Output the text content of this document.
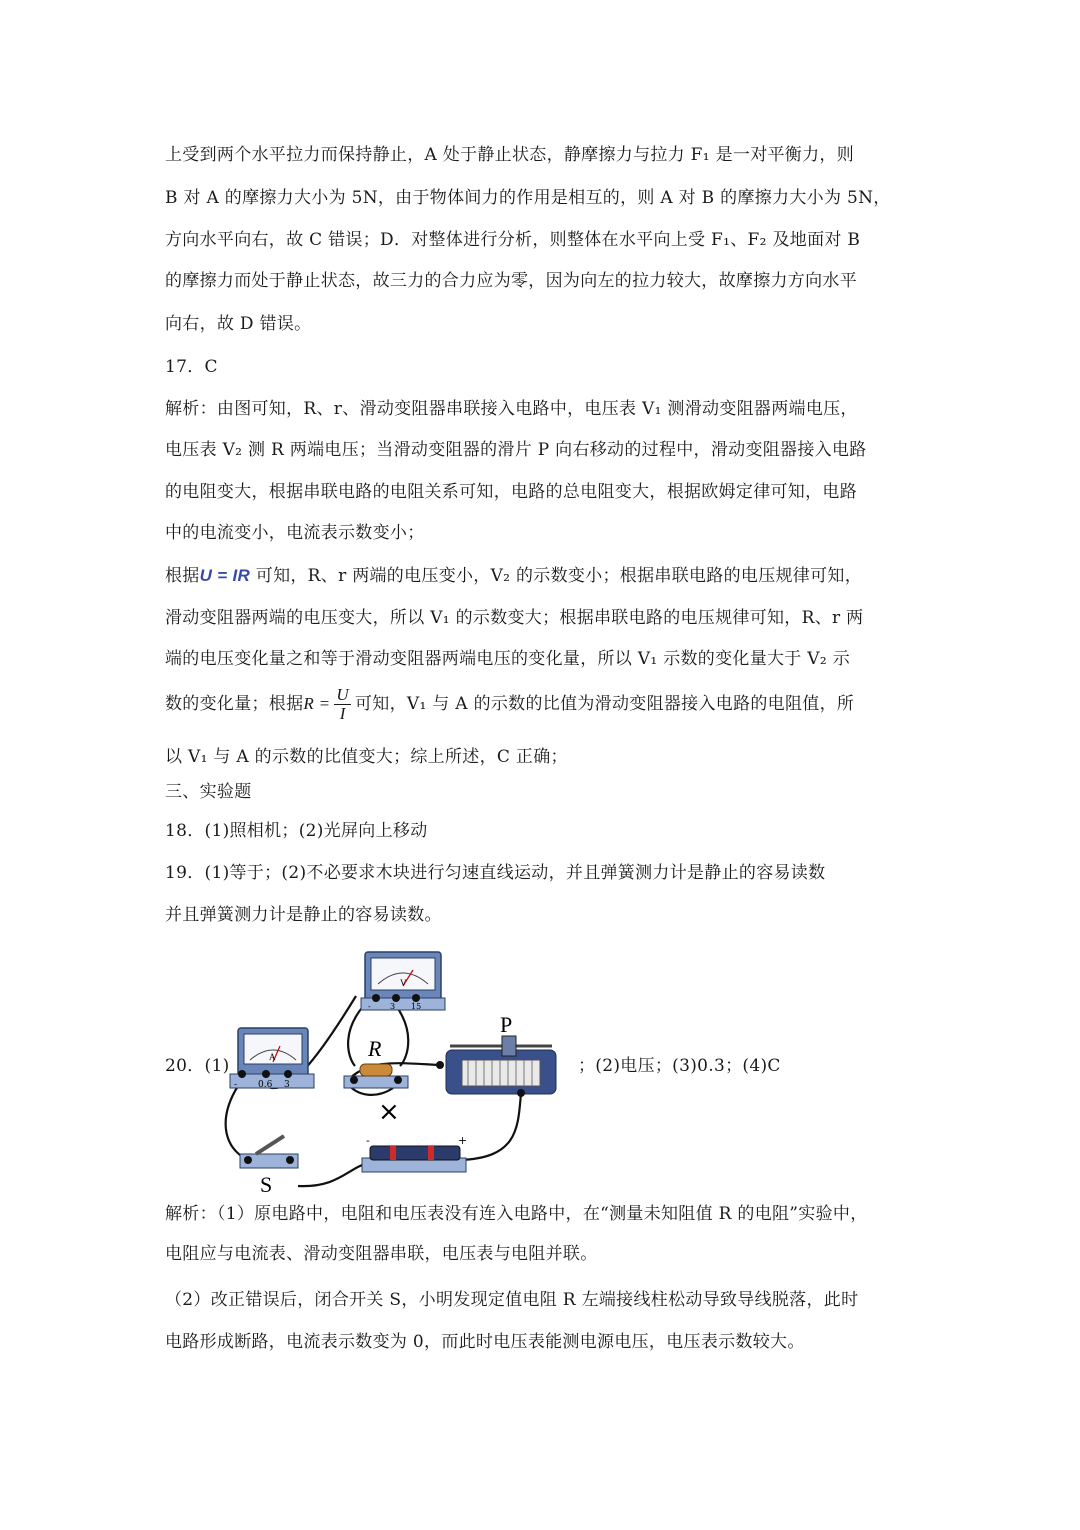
上受到两个水平拉力而保持静止，A 处于静止状态，静摩擦力与拉力 F₁ 是一对平衡力，则
B 对 A 的摩擦力大小为 5N，由于物体间力的作用是相互的，则 A 对 B 的摩擦力大小为 5N，
方向水平向右，故 C 错误；D．对整体进行分析，则整体在水平向上受 F₁、F₂ 及地面对 B
的摩擦力而处于静止状态，故三力的合力应为零，因为向左的拉力较大，故摩擦力方向水平
向右，故 D 错误。
17．C
解析：由图可知，R、r、滑动变阻器串联接入电路中，电压表 V₁ 测滑动变阻器两端电压，
电压表 V₂ 测 R 两端电压；当滑动变阻器的滑片 P 向右移动的过程中，滑动变阻器接入电路
的电阻变大，根据串联电路的电阻关系可知，电路的总电阻变大，根据欧姆定律可知，电路
中的电流变小，电流表示数变小；
根据U = IR 可知，R、r 两端的电压变小，V₂ 的示数变小；根据串联电路的电压规律可知，
滑动变阻器两端的电压变大，所以 V₁ 的示数变大；根据串联电路的电压规律可知，R、r 两
端的电压变化量之和等于滑动变阻器两端电压的变化量，所以 V₁ 示数的变化量大于 V₂ 示
数的变化量；根据$R = \frac{U}{I}$ 可知，V₁ 与 A 的示数的比值为滑动变阻器接入电路的电阻值，所
以 V₁ 与 A 的示数的比值变大；综上所述，C 正确；
三、实验题
18．(1)照相机；(2)光屏向上移动
19．(1)等于；(2)不必要求木块进行匀速直线运动，并且弹簧测力计是静止的容易读数
并且弹簧测力计是静止的容易读数。
20．(1)
V
- 3 15
A
- 0.6 3
R
×
P
S
-	+
；(2)电压；(3)0.3；(4)C
解析：（1）原电路中，电阻和电压表没有连入电路中，在“测量未知阻值 R 的电阻”实验中，
电阻应与电流表、滑动变阻器串联，电压表与电阻并联。
（2）改正错误后，闭合开关 S，小明发现定值电阻 R 左端接线柱松动导致导线脱落，此时
电路形成断路，电流表示数变为 0，而此时电压表能测电源电压，电压表示数较大。
